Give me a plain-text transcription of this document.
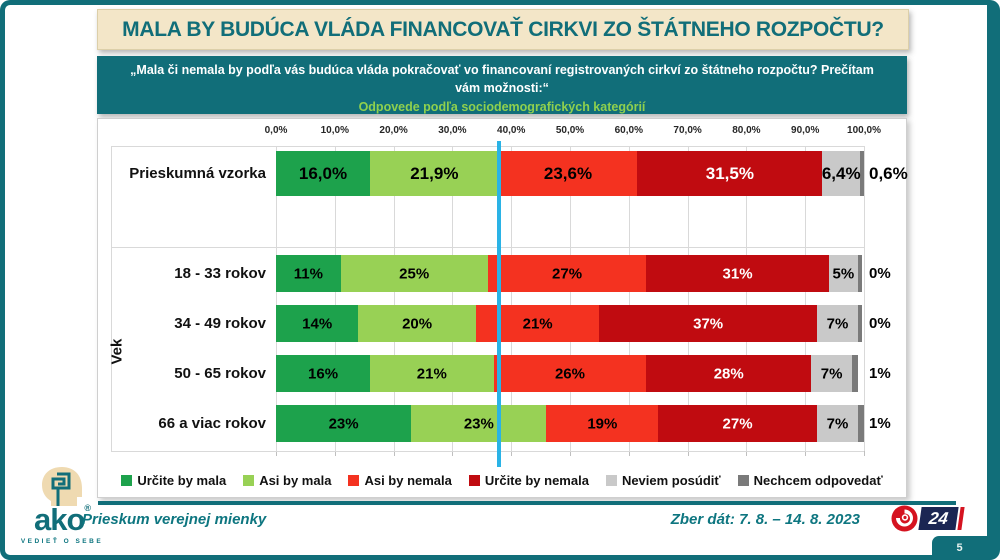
MALA BY BUDÚCA VLÁDA FINANCOVAŤ CIRKVI ZO ŠTÁTNEHO ROZPOČTU?
„Mala či nemala by podľa vás budúca vláda pokračovať vo financovaní registrovaných cirkví zo štátneho rozpočtu? Prečítam vám možnosti:“
Odpovede podľa sociodemografických kategórií
0,0%	10,0%	20,0%	30,0%	40,0%	50,0%	60,0%	70,0%	80,0%	90,0%	100,0%
Vek
Prieskumná vzorka 16,0%	21,9%	23,6%	31,5%	6,4% 0,6%
18 - 33 rokov 11%	25%	27%	31%	5% 0%
34 - 49 rokov 14%	20%	21%	37%	7% 0%
50 - 65 rokov	16%	21%	26%	28%	7% 1%
66 a viac rokov	23%	23%	19%	27%	7% 1%
Určite by mala	Asi by mala	Asi by nemala	Určite by nemala	Neviem posúdiť	Nechcem odpovedať
ako®
VEDIEŤ O SEBE
Prieskum verejnej mienky	Zber dát: 7. 8. – 14. 8. 2023	24
5
